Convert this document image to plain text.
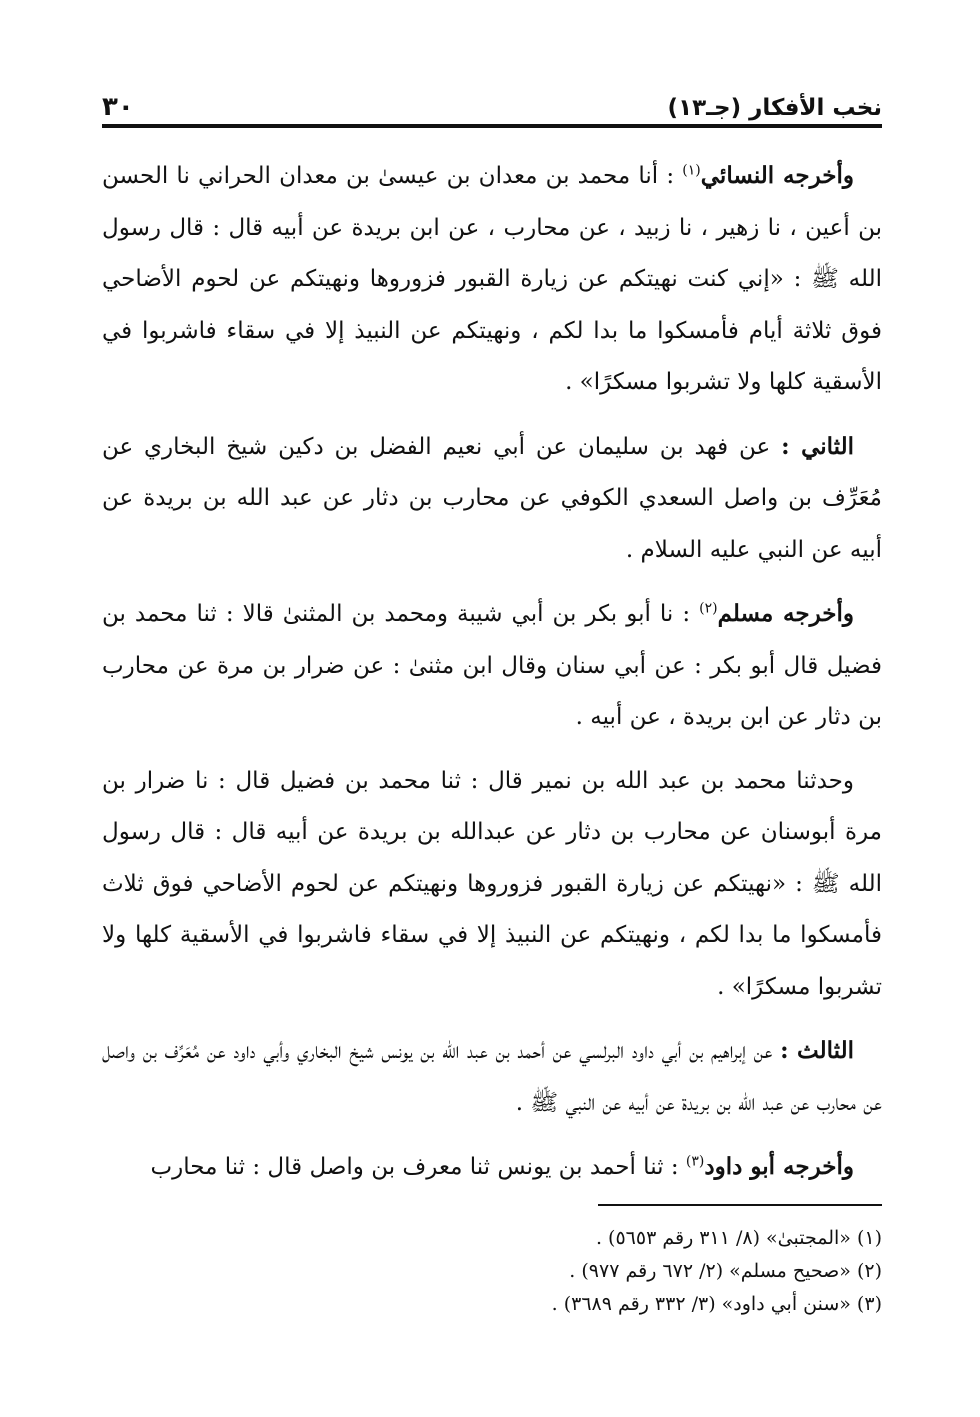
نخب الأفكار (جـ١٣)
٣٠

وأخرجه النسائي$^{(١)}$ : أنا محمد بن معدان بن عيسىٰ بن معدان الحراني نا الحسن بن أعين ، نا زهير ، نا زبيد ، عن محارب ، عن ابن بريدة عن أبيه قال : قال رسول الله ﷺ : «إني كنت نهيتكم عن زيارة القبور فزوروها ونهيتكم عن لحوم الأضاحي فوق ثلاثة أيام فأمسكوا ما بدا لكم ، ونهيتكم عن النبيذ إلا في سقاء فاشربوا في الأسقية كلها ولا تشربوا مسكرًا» .

الثاني : عن فهد بن سليمان عن أبي نعيم الفضل بن دكين شيخ البخاري عن مُعَرِّف بن واصل السعدي الكوفي عن محارب بن دثار عن عبد الله بن بريدة عن أبيه عن النبي عليه السلام .

وأخرجه مسلم$^{(٢)}$ : نا أبو بكر بن أبي شيبة ومحمد بن المثنىٰ قالا : ثنا محمد بن فضيل قال أبو بكر : عن أبي سنان وقال ابن مثنىٰ : عن ضرار بن مرة عن محارب بن دثار عن ابن بريدة ، عن أبيه .

وحدثنا محمد بن عبد الله بن نمير قال : ثنا محمد بن فضيل قال : نا ضرار بن مرة أبوسنان عن محارب بن دثار عن عبدالله بن بريدة عن أبيه قال : قال رسول الله ﷺ : «نهيتكم عن زيارة القبور فزوروها ونهيتكم عن لحوم الأضاحي فوق ثلاث فأمسكوا ما بدا لكم ، ونهيتكم عن النبيذ إلا في سقاء فاشربوا في الأسقية كلها ولا تشربوا مسكرًا» .

الثالث : عن إبراهيم بن أبي داود البرلسي عن أحمد بن عبد الله بن يونس شيخ البخاري وأبي داود عن مُعَرِّف بن واصل عن محارب عن عبد الله بن بريدة عن أبيه عن النبي ﷺ .

وأخرجه أبو داود$^{(٣)}$ : ثنا أحمد بن يونس ثنا معرف بن واصل قال : ثنا محارب

(١) «المجتبىٰ» (٨/ ٣١١ رقم ٥٦٥٣) .

(٢) «صحيح مسلم» (٢/ ٦٧٢ رقم ٩٧٧) .

(٣) «سنن أبي داود» (٣/ ٣٣٢ رقم ٣٦٨٩) .
